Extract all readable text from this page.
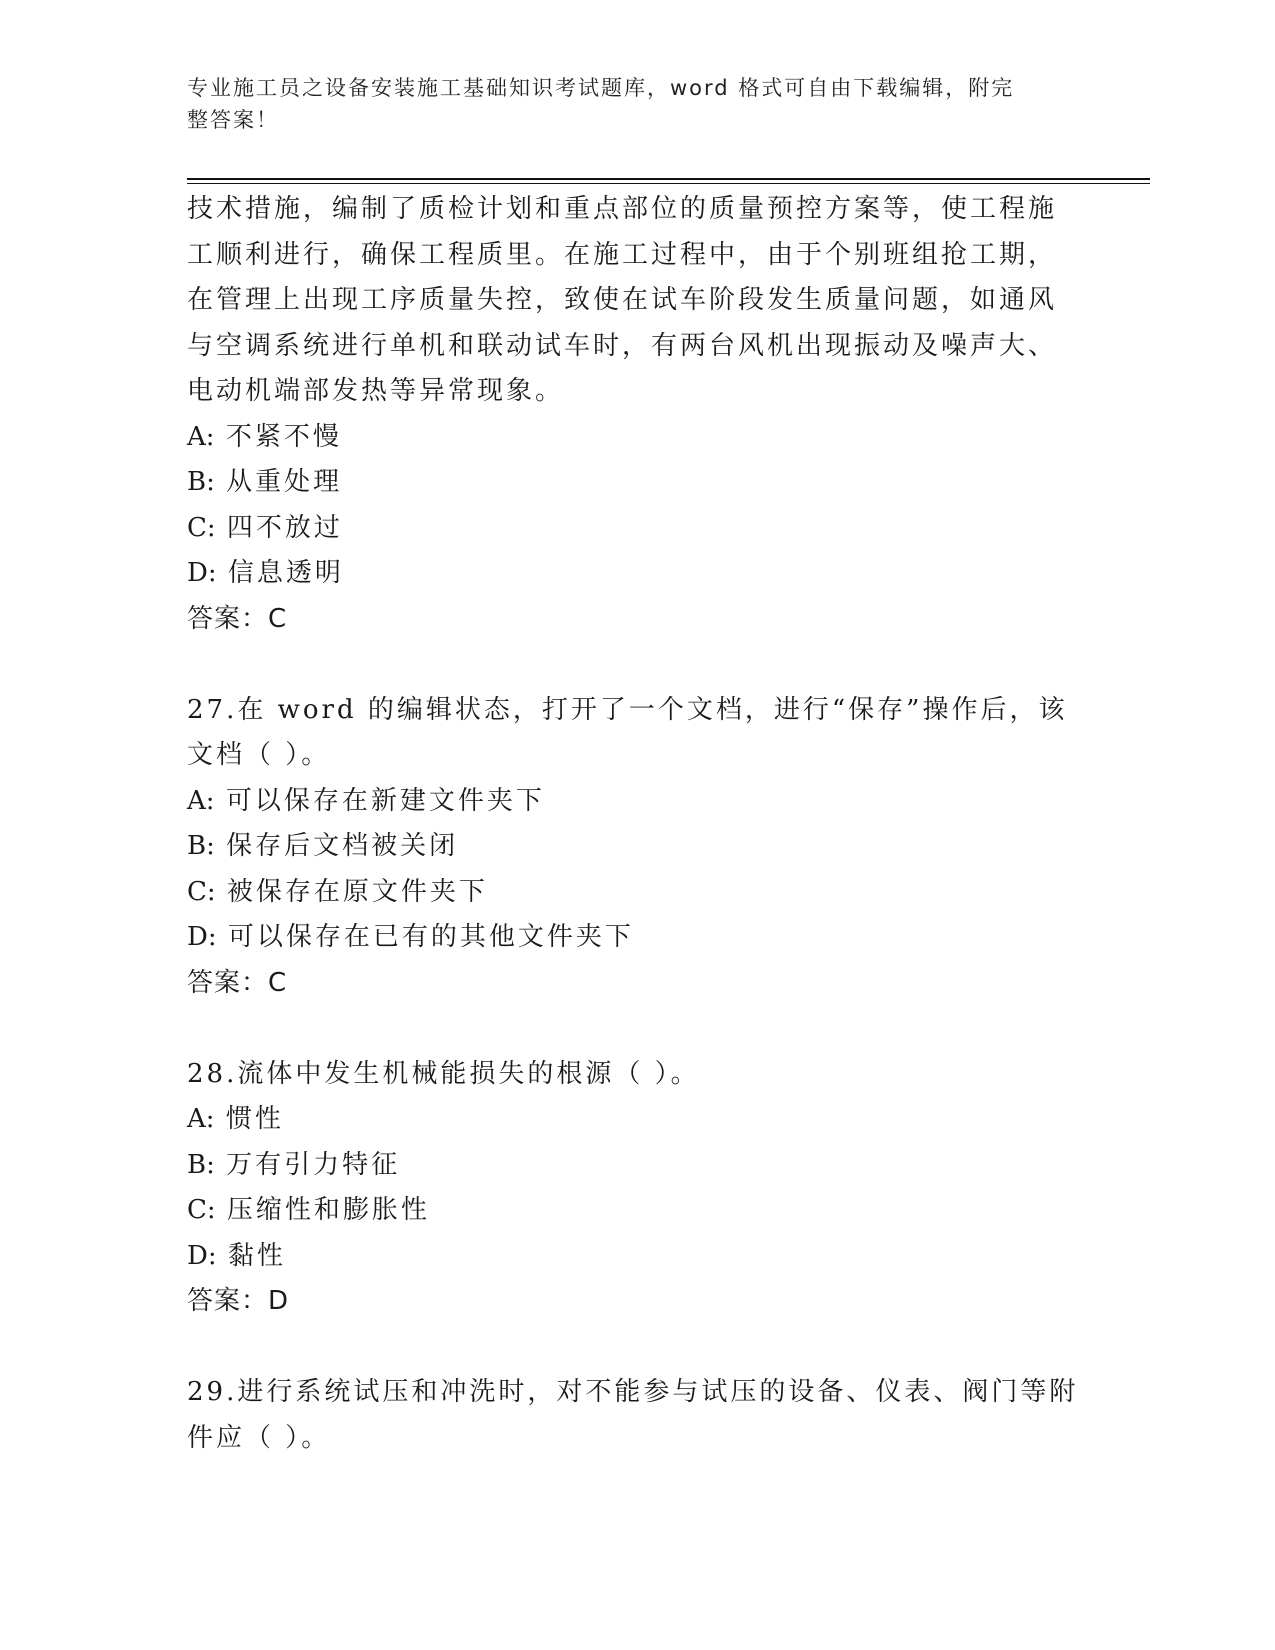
专业施工员之设备安装施工基础知识考试题库，word 格式可自由下载编辑，附完
整答案！
技术措施，编制了质检计划和重点部位的质量预控方案等，使工程施
工顺利进行，确保工程质里。在施工过程中，由于个别班组抢工期，
在管理上出现工序质量失控，致使在试车阶段发生质量问题，如通风
与空调系统进行单机和联动试车时，有两台风机出现振动及噪声大、
电动机端部发热等异常现象。
A: 不紧不慢
B: 从重处理
C: 四不放过
D: 信息透明
答案：C
27.在 word 的编辑状态，打开了一个文档，进行“保存”操作后，该
文档（ ）。
A: 可以保存在新建文件夹下
B: 保存后文档被关闭
C: 被保存在原文件夹下
D: 可以保存在已有的其他文件夹下
答案：C
28.流体中发生机械能损失的根源（ ）。
A: 惯性
B: 万有引力特征
C: 压缩性和膨胀性
D: 黏性
答案：D
29.进行系统试压和冲洗时，对不能参与试压的设备、仪表、阀门等附
件应（ ）。
